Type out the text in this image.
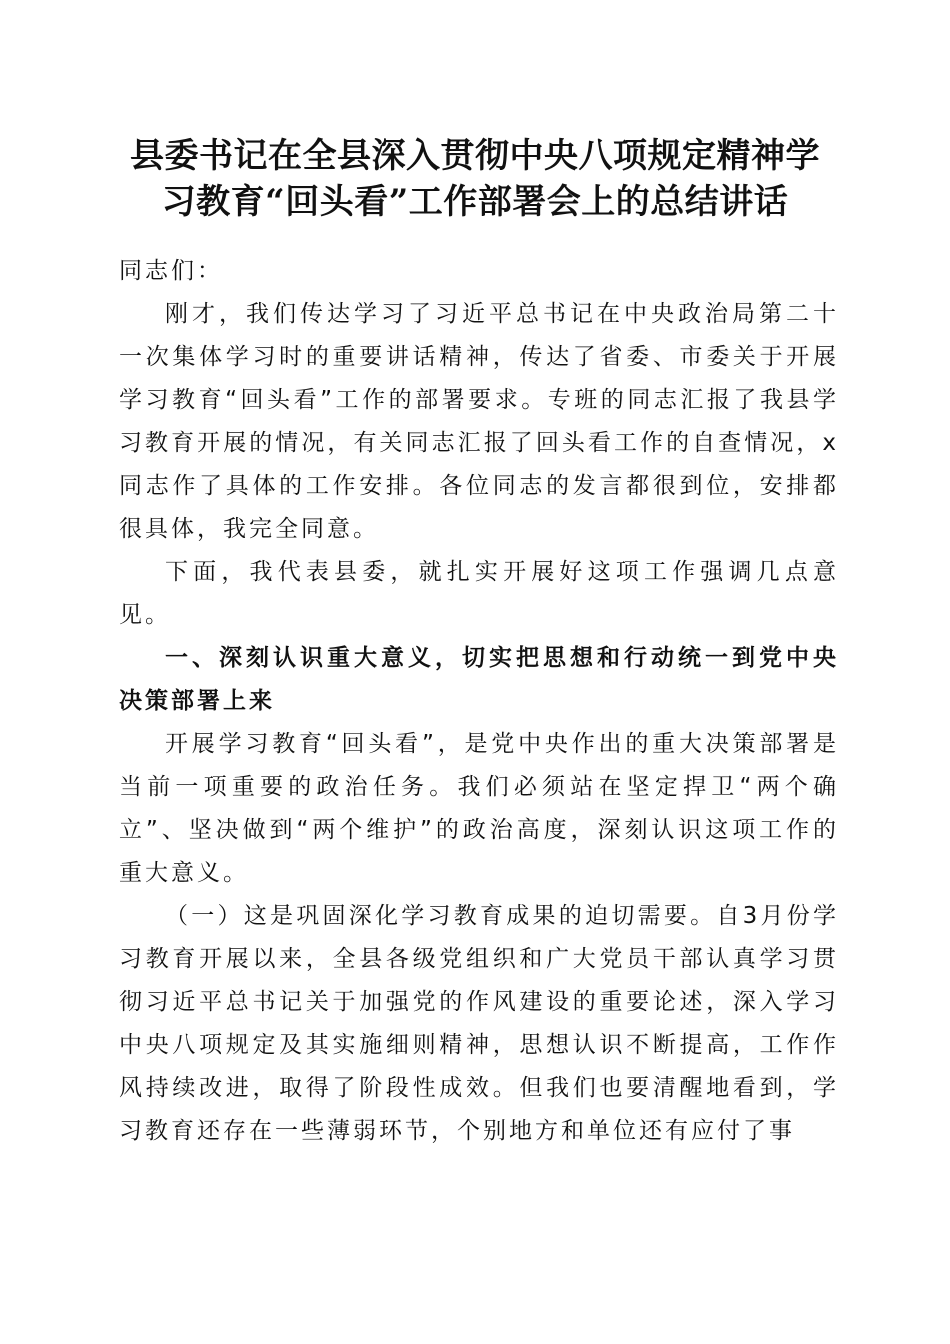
县委书记在全县深入贯彻中央八项规定精神学
习教育“回头看”工作部署会上的总结讲话

同志们：

刚才，我们传达学习了习近平总书记在中央政治局第二十一次集体学习时的重要讲话精神，传达了省委、市委关于开展学习教育“回头看”工作的部署要求。专班的同志汇报了我县学习教育开展的情况，有关同志汇报了回头看工作的自查情况，x同志作了具体的工作安排。各位同志的发言都很到位，安排都很具体，我完全同意。

下面，我代表县委，就扎实开展好这项工作强调几点意见。

一、深刻认识重大意义，切实把思想和行动统一到党中央决策部署上来

开展学习教育“回头看”，是党中央作出的重大决策部署是当前一项重要的政治任务。我们必须站在坚定捍卫“两个确立”、坚决做到“两个维护”的政治高度，深刻认识这项工作的重大意义。

（一）这是巩固深化学习教育成果的迫切需要。自3月份学习教育开展以来，全县各级党组织和广大党员干部认真学习贯彻习近平总书记关于加强党的作风建设的重要论述，深入学习中央八项规定及其实施细则精神，思想认识不断提高，工作作风持续改进，取得了阶段性成效。但我们也要清醒地看到，学习教育还存在一些薄弱环节，个别地方和单位还有应付了事
